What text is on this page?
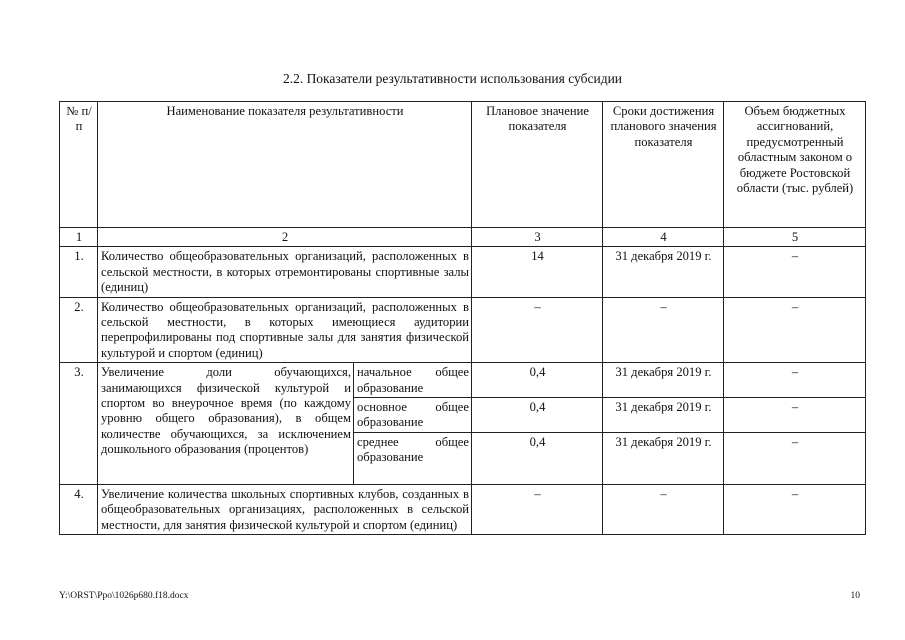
2.2. Показатели результативности использования субсидии
№ п/п	Наименование показателя результативности		Плановое значение показателя	Сроки достижения планового значения показателя	Объем бюджетных ассигнований, предусмотренный областным законом о бюджете Ростовской области (тыс. рублей)
1	2		3	4	5
1.	Количество общеобразовательных организаций, расположенных в сельской местности, в которых отремонтированы спортивные залы (единиц)		14	31 декабря 2019 г.	–
2.	Количество общеобразовательных организаций, расположенных в сельской местности, в которых имеющиеся аудитории перепрофилированы под спортивные залы для занятия физической культурой и спортом (единиц)		–	–	–
3.	Увеличение доли обучающихся, занимающихся физической культурой и спортом во внеурочное время (по каждому уровню общего образования), в общем количестве обучающихся, за исключением дошкольного образования (процентов)	начальное общее образование	0,4	31 декабря 2019 г.	–
		основное общее образование	0,4	31 декабря 2019 г.	–
		среднее общее образование	0,4	31 декабря 2019 г.	–
4.	Увеличение количества школьных спортивных клубов, созданных в общеобразовательных организациях, расположенных в сельской местности, для занятия физической культурой и спортом (единиц)		–	–	–
Y:\ORST\Ppo\1026p680.f18.docx	10
